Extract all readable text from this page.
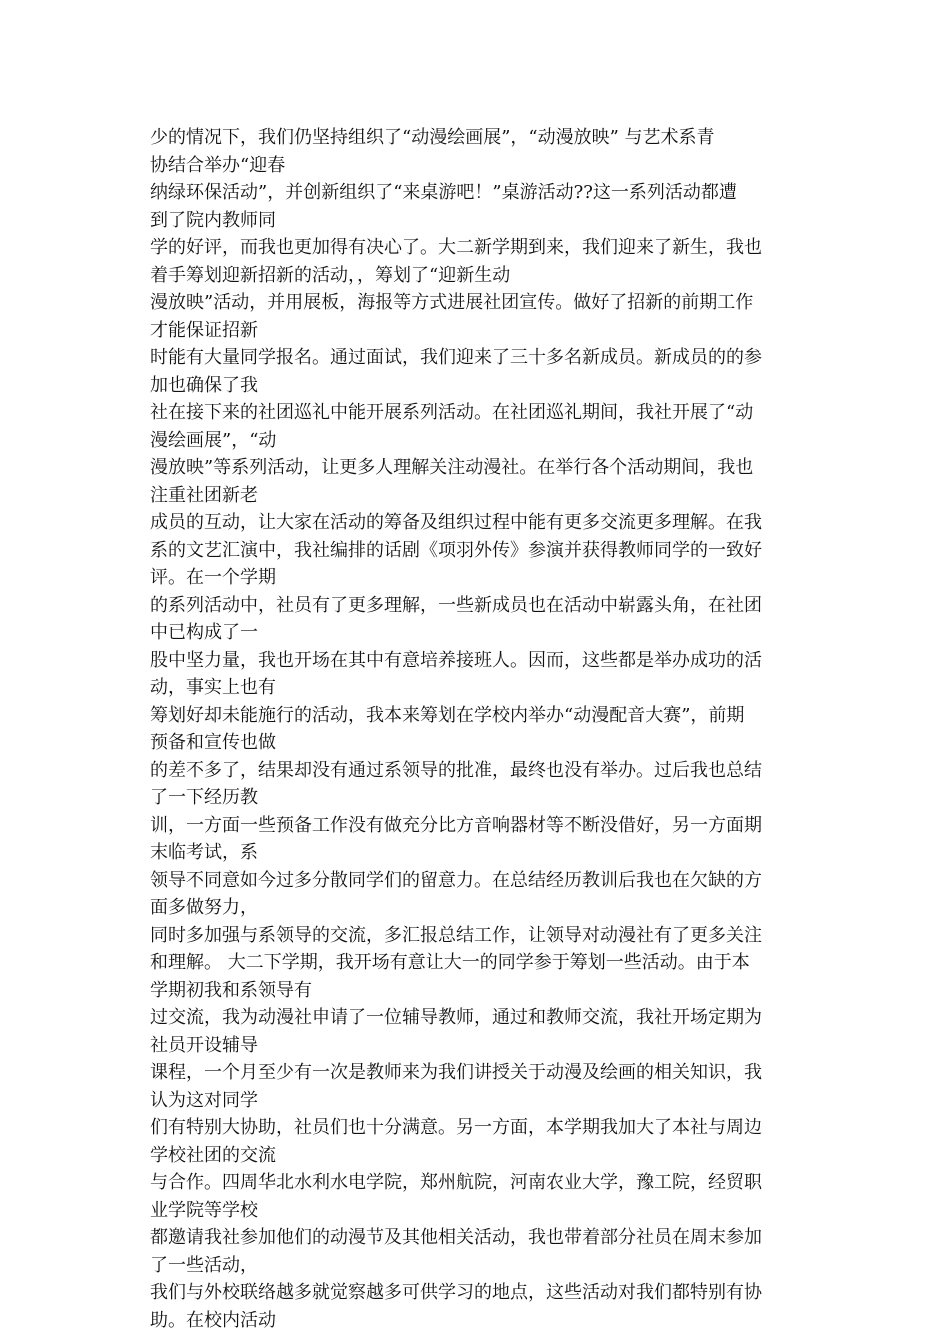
少的情况下，我们仍坚持组织了“动漫绘画展”，“动漫放映” 与艺术系青
协结合举办“迎春
纳绿环保活动”，并创新组织了“来桌游吧！”桌游活动??这一系列活动都遭
到了院内教师同
学的好评，而我也更加得有决心了。大二新学期到来，我们迎来了新生，我也
着手筹划迎新招新的活动，，筹划了“迎新生动
漫放映”活动，并用展板，海报等方式进展社团宣传。做好了招新的前期工作
才能保证招新
时能有大量同学报名。通过面试，我们迎来了三十多名新成员。新成员的的参
加也确保了我
社在接下来的社团巡礼中能开展系列活动。在社团巡礼期间，我社开展了“动
漫绘画展”，“动
漫放映”等系列活动，让更多人理解关注动漫社。在举行各个活动期间，我也
注重社团新老
成员的互动，让大家在活动的筹备及组织过程中能有更多交流更多理解。在我
系的文艺汇演中，我社编排的话剧《项羽外传》参演并获得教师同学的一致好
评。在一个学期
的系列活动中，社员有了更多理解，一些新成员也在活动中崭露头角，在社团
中已构成了一
股中坚力量，我也开场在其中有意培养接班人。因而，这些都是举办成功的活
动，事实上也有
筹划好却未能施行的活动，我本来筹划在学校内举办“动漫配音大赛”，前期
预备和宣传也做
的差不多了，结果却没有通过系领导的批准，最终也没有举办。过后我也总结
了一下经历教
训，一方面一些预备工作没有做充分比方音响器材等不断没借好，另一方面期
末临考试，系
领导不同意如今过多分散同学们的留意力。在总结经历教训后我也在欠缺的方
面多做努力，
同时多加强与系领导的交流，多汇报总结工作，让领导对动漫社有了更多关注
和理解。 大二下学期，我开场有意让大一的同学参于筹划一些活动。由于本
学期初我和系领导有
过交流，我为动漫社申请了一位辅导教师，通过和教师交流，我社开场定期为
社员开设辅导
课程，一个月至少有一次是教师来为我们讲授关于动漫及绘画的相关知识，我
认为这对同学
们有特别大协助，社员们也十分满意。另一方面，本学期我加大了本社与周边
学校社团的交流
与合作。四周华北水利水电学院，郑州航院，河南农业大学，豫工院，经贸职
业学院等学校
都邀请我社参加他们的动漫节及其他相关活动，我也带着部分社员在周末参加
了一些活动，
我们与外校联络越多就觉察越多可供学习的地点，这些活动对我们都特别有协
助。在校内活动
